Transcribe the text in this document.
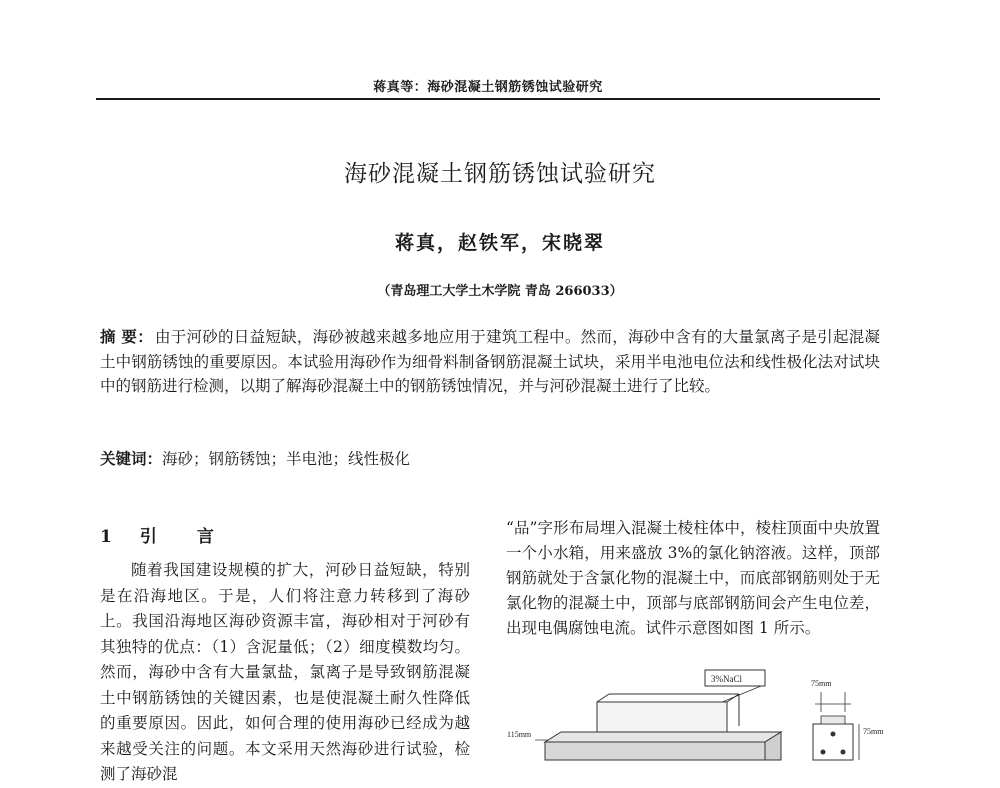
蒋真等：海砂混凝土钢筋锈蚀试验研究
海砂混凝土钢筋锈蚀试验研究
蒋真，赵铁军，宋晓翠
（青岛理工大学土木学院 青岛 266033）
摘 要： 由于河砂的日益短缺，海砂被越来越多地应用于建筑工程中。然而，海砂中含有的大量氯离子是引起混凝土中钢筋锈蚀的重要原因。本试验用海砂作为细骨料制备钢筋混凝土试块，采用半电池电位法和线性极化法对试块中的钢筋进行检测，以期了解海砂混凝土中的钢筋锈蚀情况，并与河砂混凝土进行了比较。
关键词：海砂；钢筋锈蚀；半电池；线性极化
1 引言

随着我国建设规模的扩大，河砂日益短缺，特别是在沿海地区。于是，人们将注意力转移到了海砂上。我国沿海地区海砂资源丰富，海砂相对于河砂有其独特的优点：（1）含泥量低；（2）细度模数均匀。然而，海砂中含有大量氯盐，氯离子是导致钢筋混凝土中钢筋锈蚀的关键因素，也是使混凝土耐久性降低的重要原因。因此，如何合理的使用海砂已经成为越来越受关注的问题。本文采用天然海砂进行试验，检测了海砂混

“品”字形布局埋入混凝土棱柱体中，棱柱顶面中央放置一个小水箱，用来盛放 3%的氯化钠溶液。这样，顶部钢筋就处于含氯化物的混凝土中，而底部钢筋则处于无氯化物的混凝土中，顶部与底部钢筋间会产生电位差，出现电偶腐蚀电流。试件示意图如图 1 所示。

3%NaCl
115mm
75mm
75mm
